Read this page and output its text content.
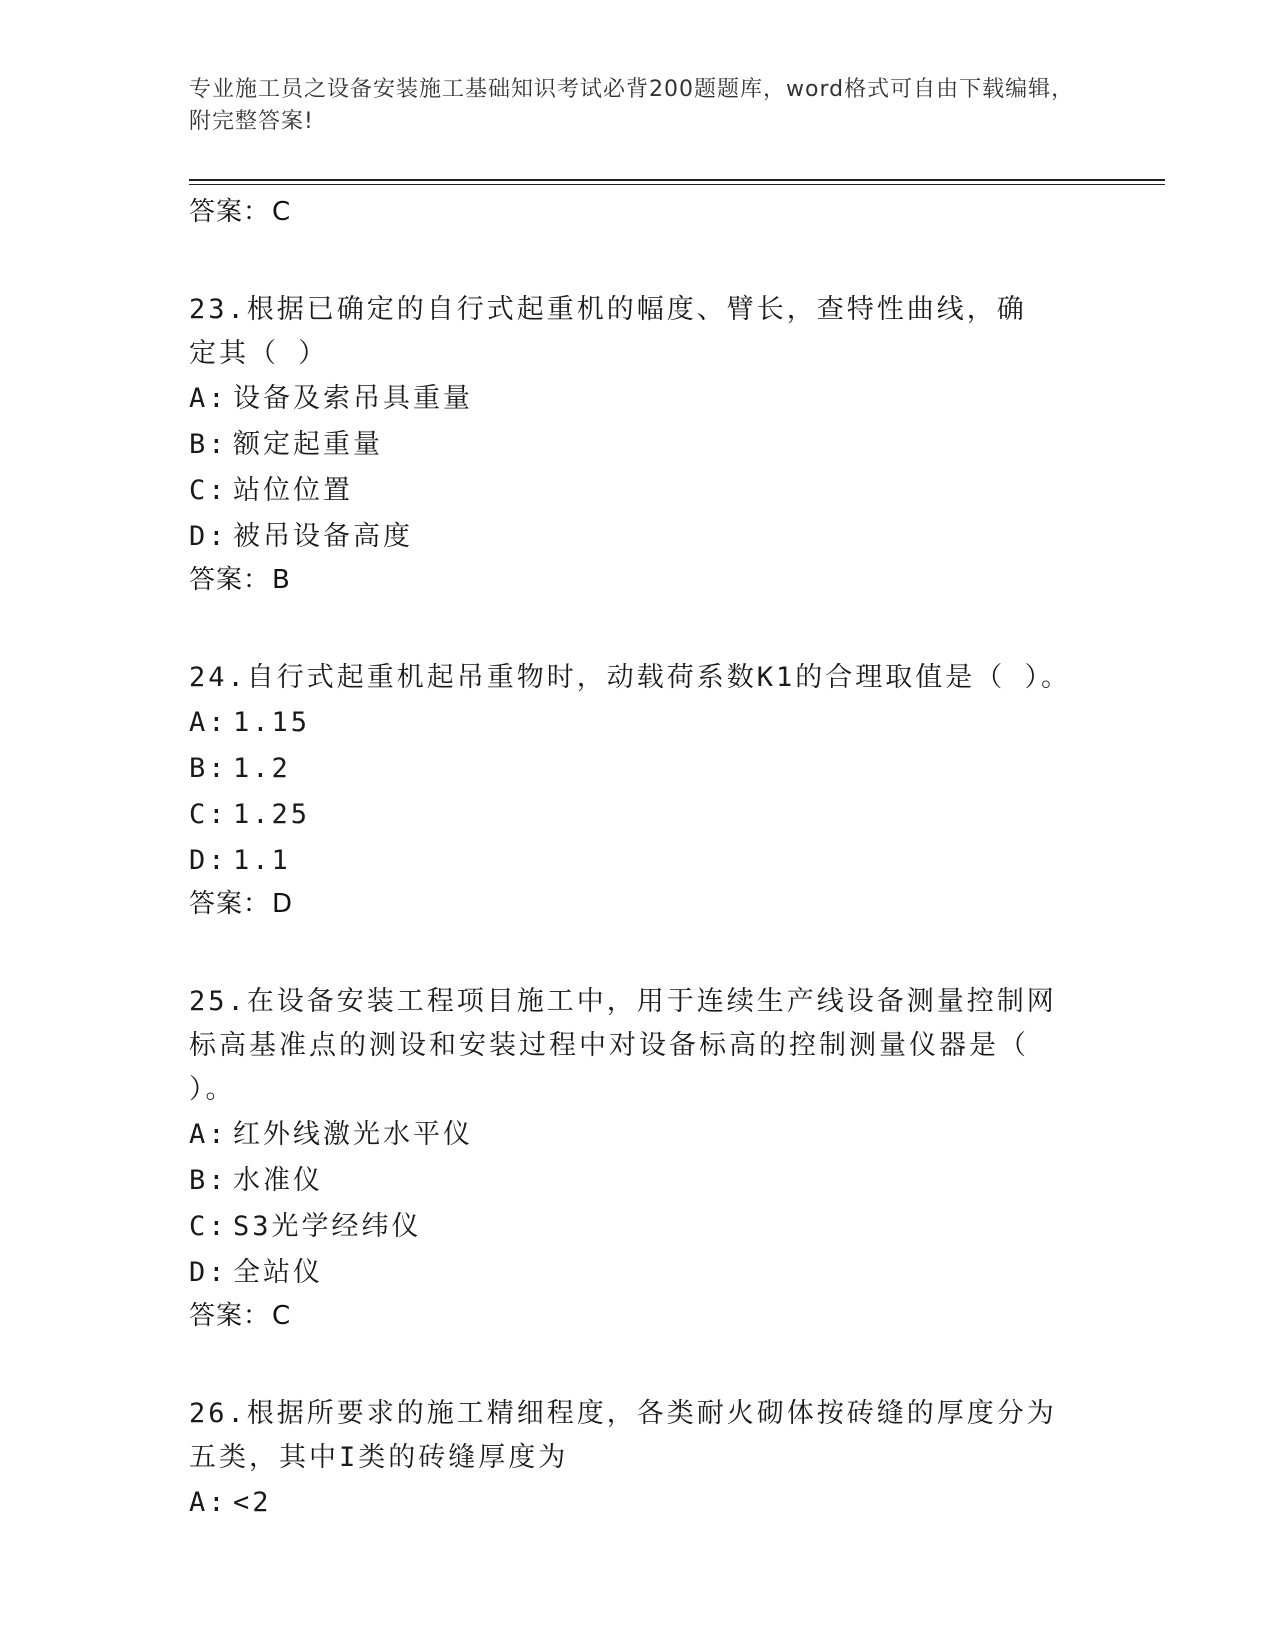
专业施工员之设备安装施工基础知识考试必背200题题库，word格式可自由下载编辑，附完整答案!
答案：C
23.根据已确定的自行式起重机的幅度、臂长，查特性曲线，确定其（ ）
A: 设备及索吊具重量
B: 额定起重量
C: 站位位置
D: 被吊设备高度
答案：B
24.自行式起重机起吊重物时，动载荷系数K1的合理取值是（ ）。
A: 1.15
B: 1.2
C: 1.25
D: 1.1
答案：D
25.在设备安装工程项目施工中，用于连续生产线设备测量控制网标高基准点的测设和安装过程中对设备标高的控制测量仪器是（ ）。
A: 红外线激光水平仪
B: 水准仪
C: S3光学经纬仪
D: 全站仪
答案：C
26.根据所要求的施工精细程度，各类耐火砌体按砖缝的厚度分为五类，其中I类的砖缝厚度为
A: <2
